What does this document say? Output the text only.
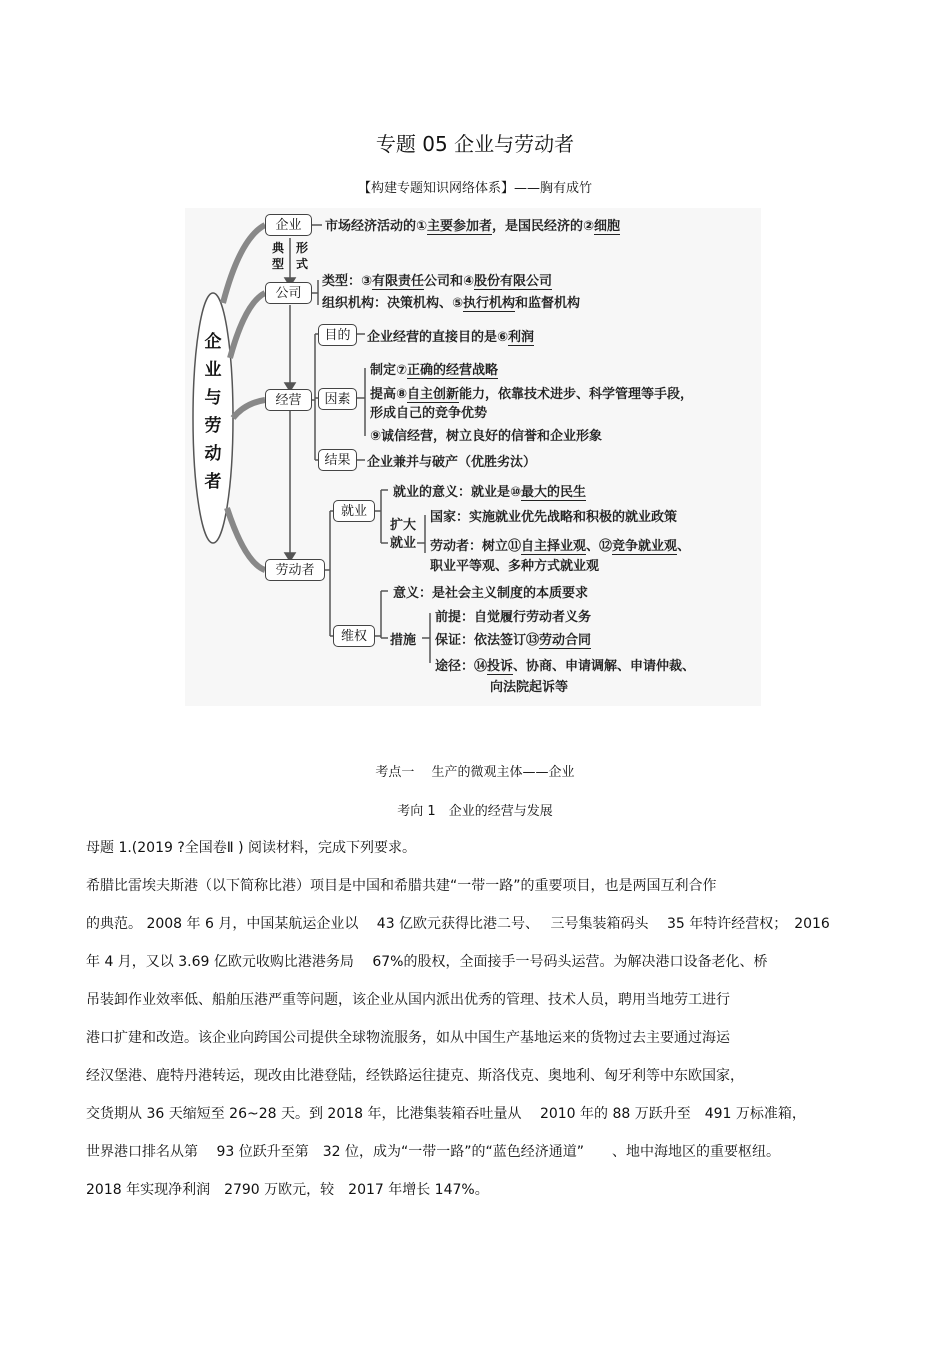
专题 05 企业与劳动者
【构建专题知识网络体系】——胸有成竹
企
业
与
劳
动
者
企业	市场经济活动的①主要参加者，是国民经济的②细胞
典
型
形
式
公司
类型：③有限责任公司和④股份有限公司
组织机构：决策机构、⑤执行机构和监督机构
经营
目的	企业经营的直接目的是⑥利润
因素
制定⑦正确的经营战略
提高⑧自主创新能力，依靠技术进步、科学管理等手段，
形成自己的竞争优势
⑨诚信经营，树立良好的信誉和企业形象
结果	企业兼并与破产（优胜劣汰）
劳动者
就业
就业的意义：就业是⑩最大的民生
扩大
就业
国家：实施就业优先战略和积极的就业政策
劳动者：树立⑪自主择业观、⑫竞争就业观、
职业平等观、多种方式就业观
维权
意义：是社会主义制度的本质要求
措施
前提：自觉履行劳动者义务
保证：依法签订⑬劳动合同
途径：⑭投诉、协商、申请调解、申请仲裁、
向法院起诉等
考点一　 生产的微观主体——企业
考向 1　企业的经营与发展
母题 1.(2019 ?全国卷Ⅱ ) 阅读材料，完成下列要求。
希腊比雷埃夫斯港（以下简称比港）项目是中国和希腊共建“一带一路”的重要项目，也是两国互利合作
的典范。 2008 年 6 月，中国某航运企业以　 43 亿欧元获得比港二号、　 三号集装箱码头　 35 年特许经营权；　2016
年 4 月，又以 3.69 亿欧元收购比港港务局　 67%的股权，全面接手一号码头运营。为解决港口设备老化、桥
吊装卸作业效率低、船舶压港严重等问题，该企业从国内派出优秀的管理、技术人员，聘用当地劳工进行
港口扩建和改造。该企业向跨国公司提供全球物流服务，如从中国生产基地运来的货物过去主要通过海运
经汉堡港、鹿特丹港转运，现改由比港登陆，经铁路运往捷克、斯洛伐克、奥地利、匈牙利等中东欧国家，
交货期从 36 天缩短至 26~28 天。到 2018 年，比港集装箱吞吐量从　 2010 年的 88 万跃升至　491 万标准箱，
世界港口排名从第　 93 位跃升至第　32 位，成为“一带一路”的“蓝色经济通道”　　、地中海地区的重要枢纽。
2018 年实现净利润　2790 万欧元，较　2017 年增长 147%。
